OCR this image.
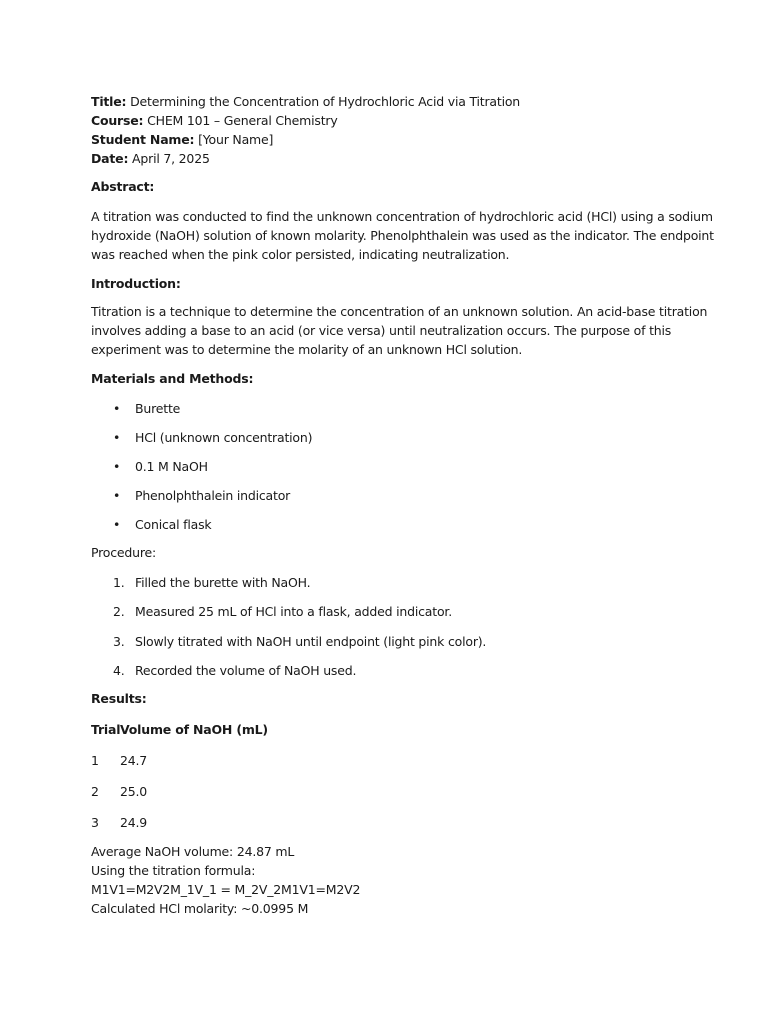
Title: Determining the Concentration of Hydrochloric Acid via Titration
Course: CHEM 101 – General Chemistry
Student Name: [Your Name]
Date: April 7, 2025
Abstract:
A titration was conducted to find the unknown concentration of hydrochloric acid (HCl) using a sodium
hydroxide (NaOH) solution of known molarity. Phenolphthalein was used as the indicator. The endpoint
was reached when the pink color persisted, indicating neutralization.
Introduction:
Titration is a technique to determine the concentration of an unknown solution. An acid-base titration
involves adding a base to an acid (or vice versa) until neutralization occurs. The purpose of this
experiment was to determine the molarity of an unknown HCl solution.
Materials and Methods:
• Burette
• HCl (unknown concentration)
• 0.1 M NaOH
• Phenolphthalein indicator
• Conical flask
Procedure:
1. Filled the burette with NaOH.
2. Measured 25 mL of HCl into a flask, added indicator.
3. Slowly titrated with NaOH until endpoint (light pink color).
4. Recorded the volume of NaOH used.
Results:
Trial Volume of NaOH (mL)
1 24.7
2 25.0
3 24.9
Average NaOH volume: 24.87 mL
Using the titration formula:
M1V1=M2V2M_1V_1 = M_2V_2M1V1=M2V2
Calculated HCl molarity: ~0.0995 M
